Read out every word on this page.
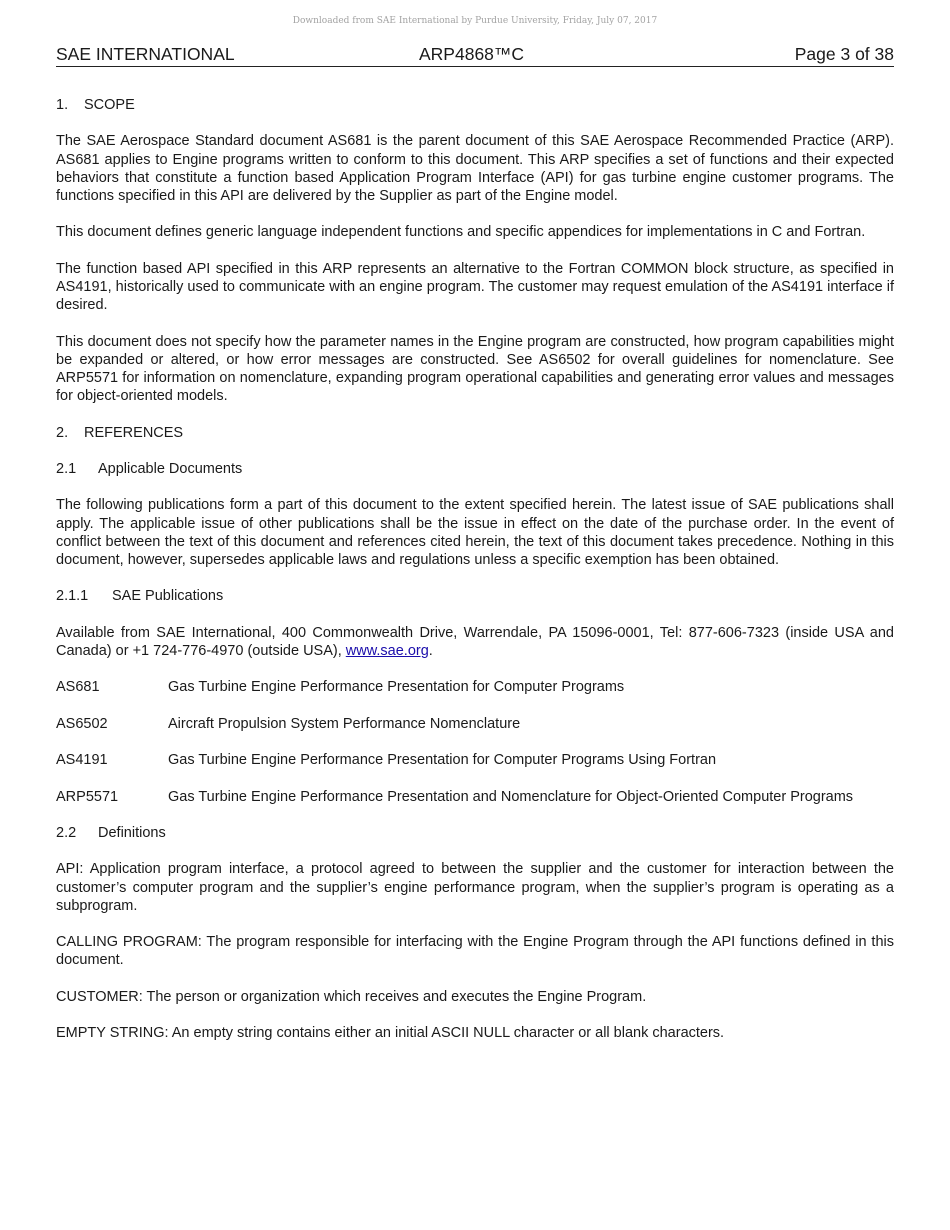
Downloaded from SAE International by Purdue University, Friday, July 07, 2017
SAE INTERNATIONAL	ARP4868™C	Page 3 of 38
1. SCOPE

The SAE Aerospace Standard document AS681 is the parent document of this SAE Aerospace Recommended Practice (ARP). AS681 applies to Engine programs written to conform to this document. This ARP specifies a set of functions and their expected behaviors that constitute a function based Application Program Interface (API) for gas turbine engine customer programs. The functions specified in this API are delivered by the Supplier as part of the Engine model.

This document defines generic language independent functions and specific appendices for implementations in C and Fortran.

The function based API specified in this ARP represents an alternative to the Fortran COMMON block structure, as specified in AS4191, historically used to communicate with an engine program. The customer may request emulation of the AS4191 interface if desired.

This document does not specify how the parameter names in the Engine program are constructed, how program capabilities might be expanded or altered, or how error messages are constructed. See AS6502 for overall guidelines for nomenclature. See ARP5571 for information on nomenclature, expanding program operational capabilities and generating error values and messages for object-oriented models.

2. REFERENCES
2.1 Applicable Documents

The following publications form a part of this document to the extent specified herein. The latest issue of SAE publications shall apply. The applicable issue of other publications shall be the issue in effect on the date of the purchase order. In the event of conflict between the text of this document and references cited herein, the text of this document takes precedence. Nothing in this document, however, supersedes applicable laws and regulations unless a specific exemption has been obtained.

2.1.1 SAE Publications

Available from SAE International, 400 Commonwealth Drive, Warrendale, PA 15096-0001, Tel: 877-606-7323 (inside USA and Canada) or +1 724-776-4970 (outside USA), www.sae.org.

AS681	Gas Turbine Engine Performance Presentation for Computer Programs
AS6502	Aircraft Propulsion System Performance Nomenclature
AS4191	Gas Turbine Engine Performance Presentation for Computer Programs Using Fortran
ARP5571	Gas Turbine Engine Performance Presentation and Nomenclature for Object-Oriented Computer Programs
2.2 Definitions

API: Application program interface, a protocol agreed to between the supplier and the customer for interaction between the customer’s computer program and the supplier’s engine performance program, when the supplier’s program is operating as a subprogram.

CALLING PROGRAM: The program responsible for interfacing with the Engine Program through the API functions defined in this document.

CUSTOMER: The person or organization which receives and executes the Engine Program.

EMPTY STRING: An empty string contains either an initial ASCII NULL character or all blank characters.
